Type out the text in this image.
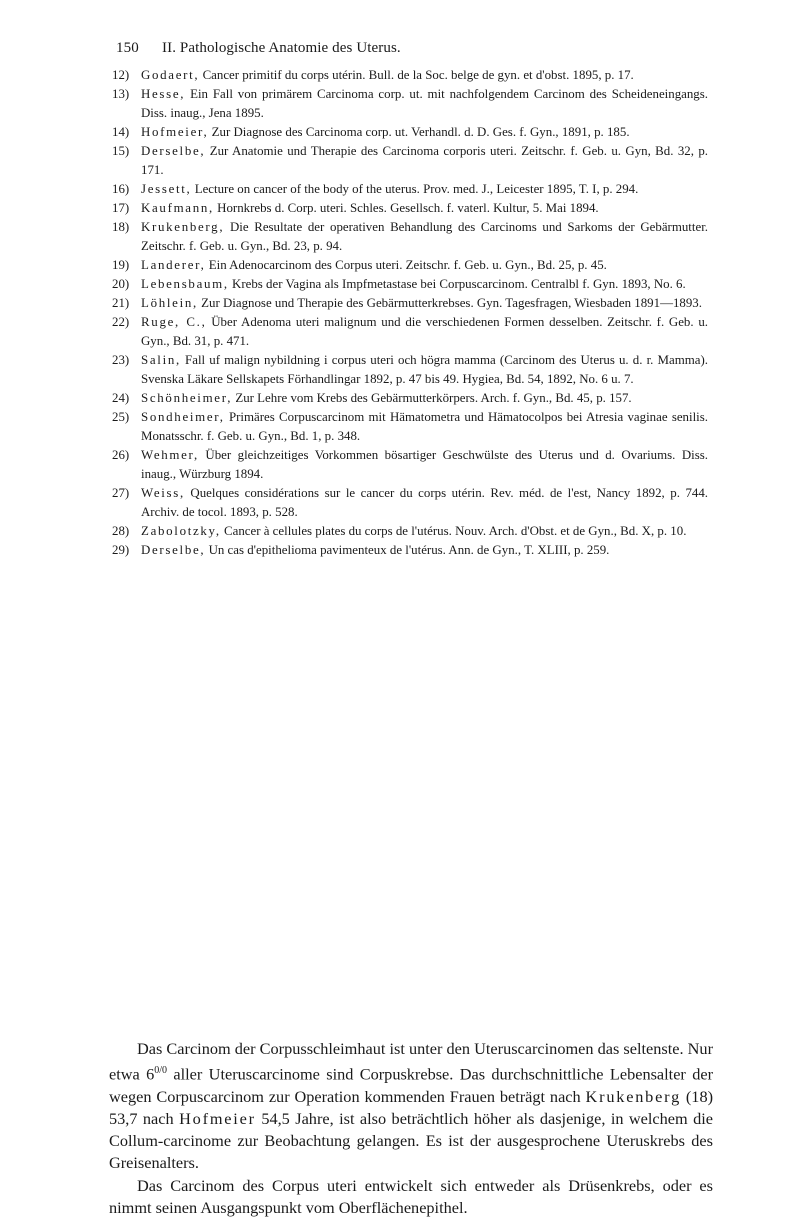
150 II. Pathologische Anatomie des Uterus.
12) Godaert, Cancer primitif du corps utérin. Bull. de la Soc. belge de gyn. et d'obst. 1895, p. 17.
13) Hesse, Ein Fall von primärem Carcinoma corp. ut. mit nachfolgendem Carcinom des Scheideneingangs. Diss. inaug., Jena 1895.
14) Hofmeier, Zur Diagnose des Carcinoma corp. ut. Verhandl. d. D. Ges. f. Gyn., 1891, p. 185.
15) Derselbe, Zur Anatomie und Therapie des Carcinoma corporis uteri. Zeitschr. f. Geb. u. Gyn, Bd. 32, p. 171.
16) Jessett, Lecture on cancer of the body of the uterus. Prov. med. J., Leicester 1895, T. I, p. 294.
17) Kaufmann, Hornkrebs d. Corp. uteri. Schles. Gesellsch. f. vaterl. Kultur, 5. Mai 1894.
18) Krukenberg, Die Resultate der operativen Behandlung des Carcinoms und Sarkoms der Gebärmutter. Zeitschr. f. Geb. u. Gyn., Bd. 23, p. 94.
19) Landerer, Ein Adenocarcinom des Corpus uteri. Zeitschr. f. Geb. u. Gyn., Bd. 25, p. 45.
20) Lebensbaum, Krebs der Vagina als Impfmetastase bei Corpuscarcinom. Centralbl f. Gyn. 1893, No. 6.
21) Löhlein, Zur Diagnose und Therapie des Gebärmutterkrebses. Gyn. Tagesfragen, Wiesbaden 1891—1893.
22) Ruge, C., Über Adenoma uteri malignum und die verschiedenen Formen desselben. Zeitschr. f. Geb. u. Gyn., Bd. 31, p. 471.
23) Salin, Fall uf malign nybildning i corpus uteri och högra mamma (Carcinom des Uterus u. d. r. Mamma). Svenska Läkare Sellskapets Förhandlingar 1892, p. 47 bis 49. Hygiea, Bd. 54, 1892, No. 6 u. 7.
24) Schönheimer, Zur Lehre vom Krebs des Gebärmutterkörpers. Arch. f. Gyn., Bd. 45, p. 157.
25) Sondheimer, Primäres Corpuscarcinom mit Hämatometra und Hämatocolpos bei Atresia vaginae senilis. Monatsschr. f. Geb. u. Gyn., Bd. 1, p. 348.
26) Wehmer, Über gleichzeitiges Vorkommen bösartiger Geschwülste des Uterus und d. Ovariums. Diss. inaug., Würzburg 1894.
27) Weiss, Quelques considérations sur le cancer du corps utérin. Rev. méd. de l'est, Nancy 1892, p. 744. Archiv. de tocol. 1893, p. 528.
28) Zabolotzky, Cancer à cellules plates du corps de l'utérus. Nouv. Arch. d'Obst. et de Gyn., Bd. X, p. 10.
29) Derselbe, Un cas d'epithelioma pavimenteux de l'utérus. Ann. de Gyn., T. XLIII, p. 259.

Das Carcinom der Corpusschleimhaut ist unter den Uteruscarcinomen das seltenste. Nur etwa $6^{0/0}$ aller Uteruscarcinome sind Corpuskrebse. Das durchschnittliche Lebensalter der wegen Corpuscarcinom zur Operation kommenden Frauen beträgt nach Krukenberg (18) 53,7 nach Hofmeier 54,5 Jahre, ist also beträchtlich höher als dasjenige, in welchem die Collum-carcinome zur Beobachtung gelangen. Es ist der ausgesprochene Uteruskrebs des Greisenalters.

Das Carcinom des Corpus uteri entwickelt sich entweder als Drüsenkrebs, oder es nimmt seinen Ausgangspunkt vom Oberflächenepithel.
